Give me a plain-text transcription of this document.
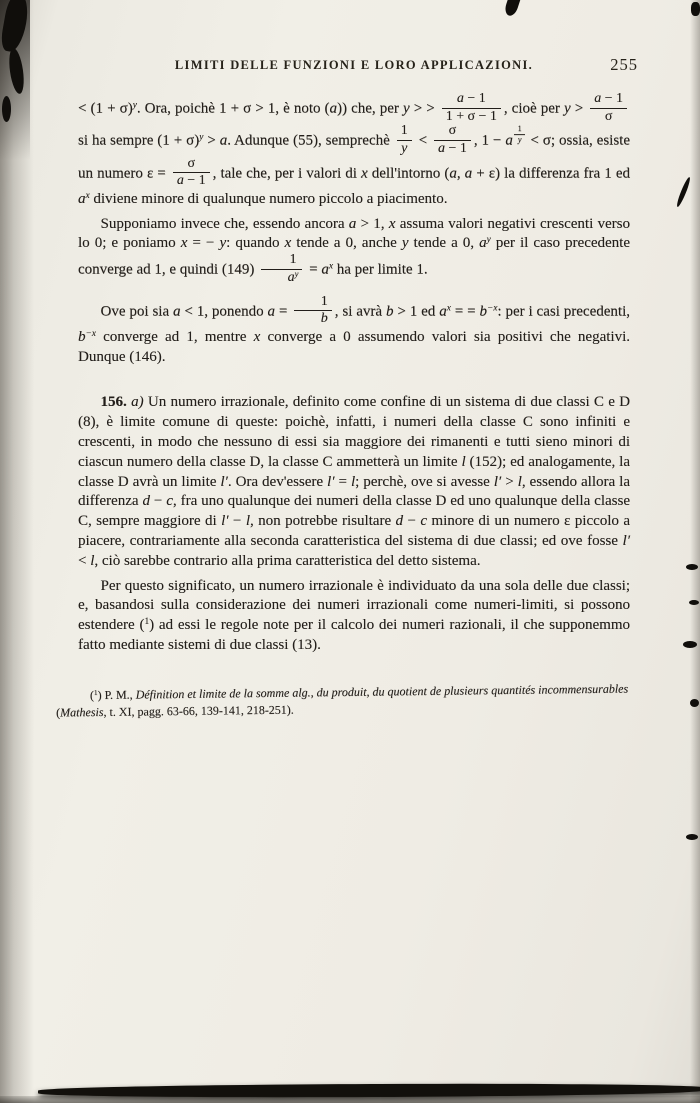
LIMITI DELLE FUNZIONI E LORO APPLICAZIONI.	255

< $(1 + \sigma)^y$. Ora, poichè 1 + σ > 1, è noto (a)) che, per y > > $\frac{a - 1}{1 + \sigma - 1}$ , cioè per $y > \frac{a - 1}{\sigma}$
si ha sempre $(1 + \sigma)^y > a$. Adunque (55), semprechè $\frac{1}{y} < \frac{\sigma}{a - 1}$ , 1 − a $^{\frac{1}{y}}$ < σ; ossia, esiste un numero $\varepsilon = \frac{\sigma}{a - 1}$ , tale che, per i valori di x dell'intorno (a, a + ε) la differenza fra 1 ed $a^x$ diviene minore di qualunque numero piccolo a piacimento.

Supponiamo invece che, essendo ancora a > 1, x assuma valori negativi crescenti verso lo 0; e poniamo x = − y: quando x tende a 0, anche y tende a 0, $a^y$ per il caso precedente converge ad 1, e quindi $(149) \frac{1}{a^y} = a^x$ ha per limite 1.

Ove poi sia a < 1, ponendo $a = \frac{1}{b}$ , si avrà b > 1 ed $a^x$ = = $b^{-x}$: per i casi precedenti, $b^{-x}$ converge ad 1, mentre x converge a 0 assumendo valori sia positivi che negativi. Dunque (146).

156. a) Un numero irrazionale, definito come confine di un sistema di due classi C e D (8), è limite comune di queste: poichè, infatti, i numeri della classe C sono infiniti e crescenti, in modo che nessuno di essi sia maggiore dei rimanenti e tutti sieno minori di ciascun numero della classe D, la classe C ammetterà un limite l (152); ed analogamente, la classe D avrà un limite l′. Ora dev'essere l′ = l; perchè, ove si avesse l′ > l, essendo allora la differenza d − c, fra uno qualunque dei numeri della classe D ed uno qualunque della classe C, sempre maggiore di l′ − l, non potrebbe risultare d − c minore di un numero ε piccolo a piacere, contrariamente alla seconda caratteristica del sistema di due classi; ed ove fosse l′ < l, ciò sarebbe contrario alla prima caratteristica del detto sistema.

Per questo significato, un numero irrazionale è individuato da una sola delle due classi; e, basandosi sulla considerazione dei numeri irrazionali come numeri-limiti, si possono estendere ($^1$) ad essi le regole note per il calcolo dei numeri razionali, il che supponemmo fatto mediante sistemi di due classi (13).

($^1$) P. M., Définition et limite de la somme alg., du produit, du quotient de plusieurs quantités incommensurables (Mathesis, t. XI, pagg. 63-66, 139-141, 218-251).
